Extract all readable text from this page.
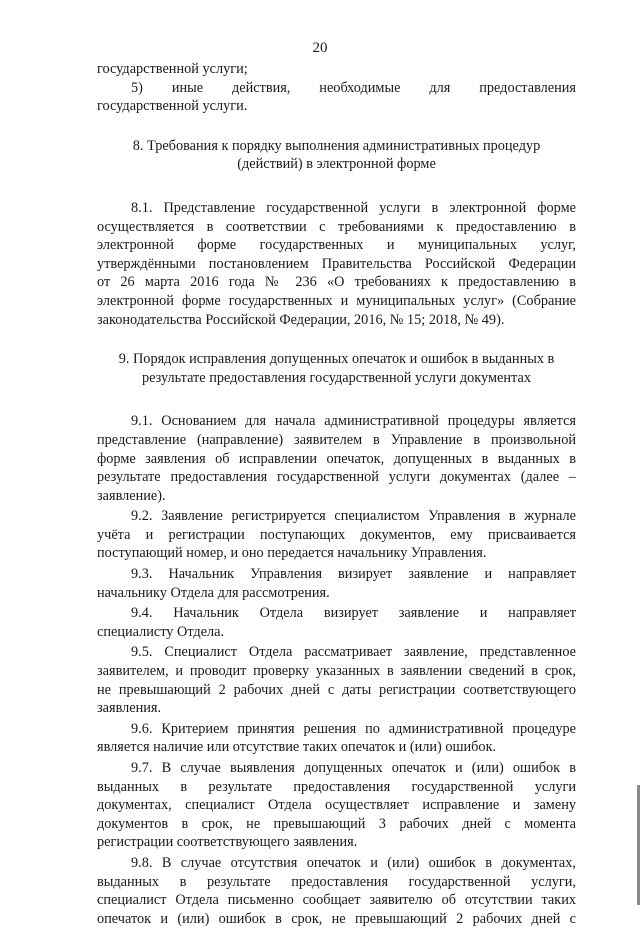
20
государственной услуги;
5) иные действия, необходимые для предоставления
государственной услуги.
8. Требования к порядку выполнения административных процедур
(действий) в электронной форме
8.1. Представление государственной услуги в электронной форме
осуществляется в соответствии с требованиями к предоставлению в
электронной форме государственных и муниципальных услуг,
утверждёнными постановлением Правительства Российской Федерации
от 26 марта 2016 года № 236 «О требованиях к предоставлению в
электронной форме государственных и муниципальных услуг» (Собрание
законодательства Российской Федерации, 2016, № 15; 2018, № 49).
9. Порядок исправления допущенных опечаток и ошибок в выданных в
результате предоставления государственной услуги документах
9.1. Основанием для начала административной процедуры является
представление (направление) заявителем в Управление в произвольной
форме заявления об исправлении опечаток, допущенных в выданных в
результате предоставления государственной услуги документах (далее –
заявление).
9.2. Заявление регистрируется специалистом Управления в журнале
учёта и регистрации поступающих документов, ему присваивается
поступающий номер, и оно передается начальнику Управления.
9.3. Начальник Управления визирует заявление и направляет
начальнику Отдела для рассмотрения.
9.4. Начальник Отдела визирует заявление и направляет
специалисту Отдела.
9.5. Специалист Отдела рассматривает заявление, представленное
заявителем, и проводит проверку указанных в заявлении сведений в срок,
не превышающий 2 рабочих дней с даты регистрации соответствующего
заявления.
9.6. Критерием принятия решения по административной процедуре
является наличие или отсутствие таких опечаток и (или) ошибок.
9.7. В случае выявления допущенных опечаток и (или) ошибок в
выданных в результате предоставления государственной услуги
документах, специалист Отдела осуществляет исправление и замену
документов в срок, не превышающий 3 рабочих дней с момента
регистрации соответствующего заявления.
9.8. В случае отсутствия опечаток и (или) ошибок в документах,
выданных в результате предоставления государственной услуги,
специалист Отдела письменно сообщает заявителю об отсутствии таких
опечаток и (или) ошибок в срок, не превышающий 2 рабочих дней с
